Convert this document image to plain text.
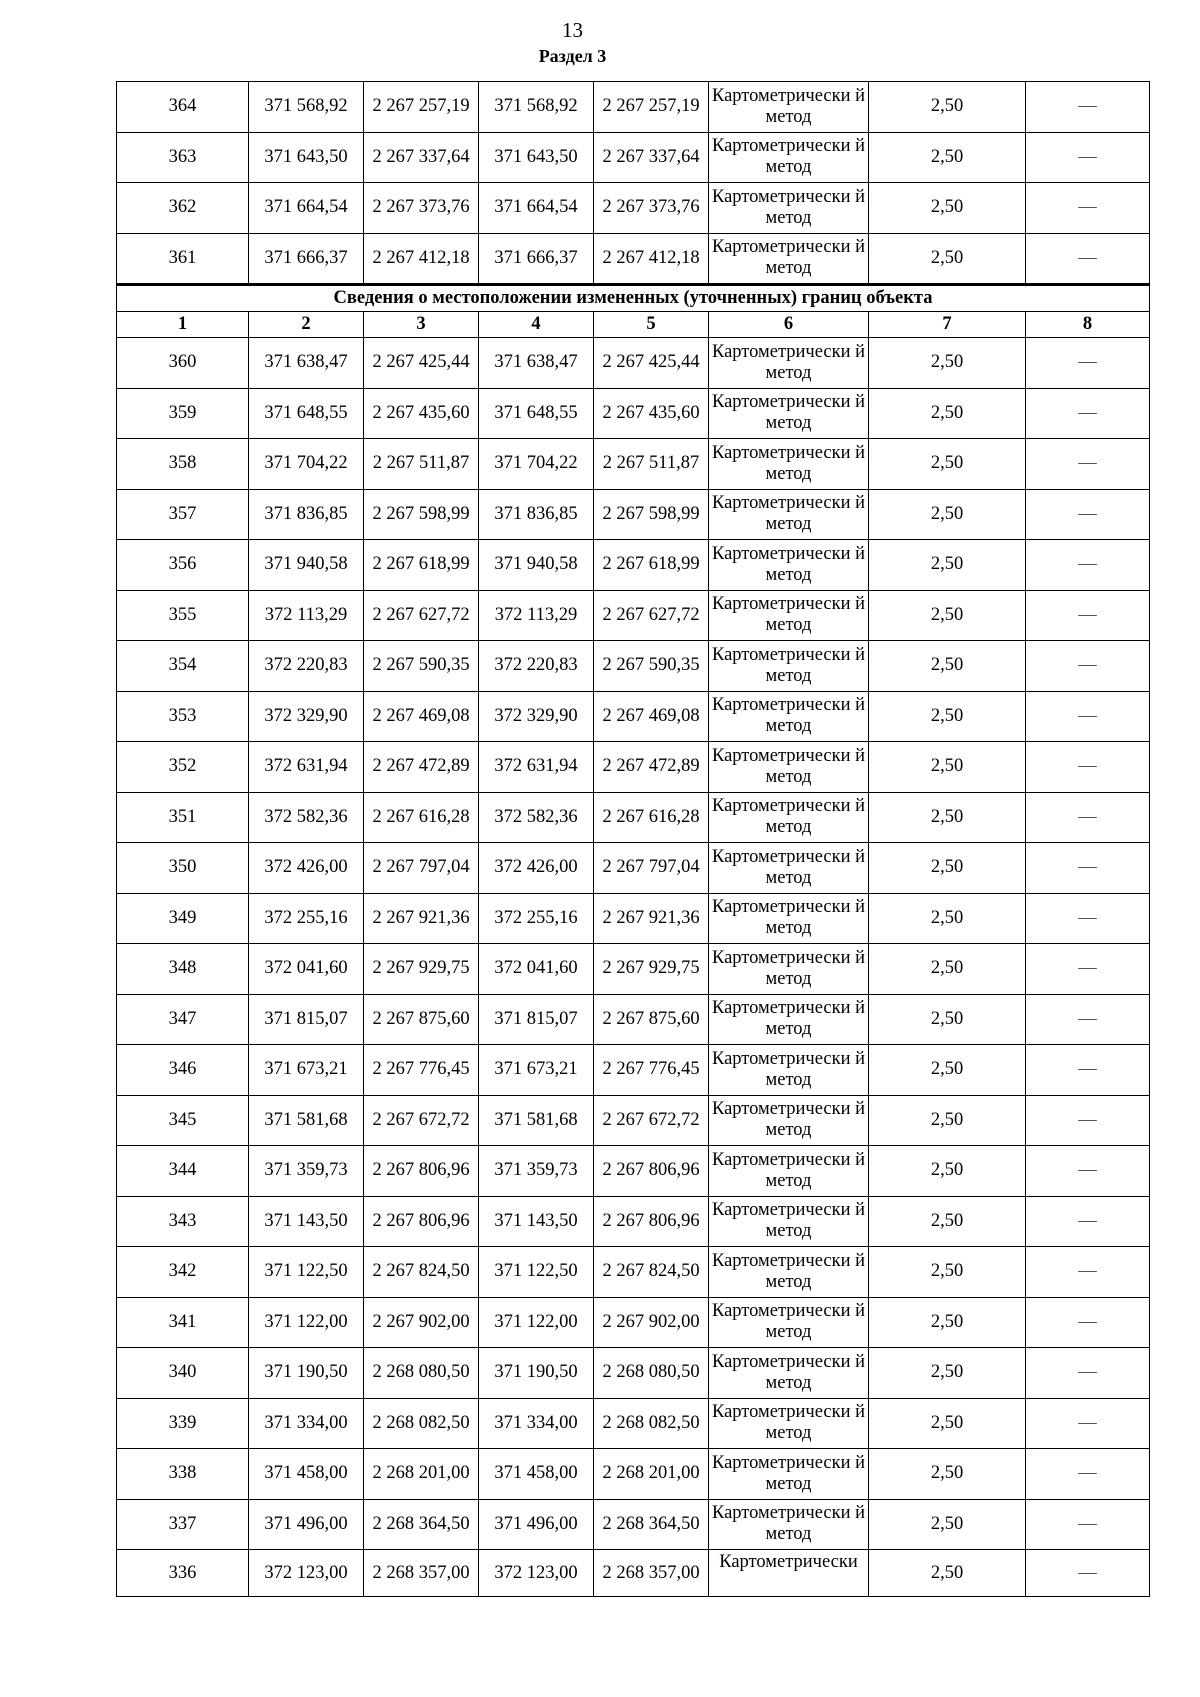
13
Раздел 3
364	371 568,92	2 267 257,19	371 568,92	2 267 257,19	Картометрически й метод	2,50	—
363	371 643,50	2 267 337,64	371 643,50	2 267 337,64	Картометрически й метод	2,50	—
362	371 664,54	2 267 373,76	371 664,54	2 267 373,76	Картометрически й метод	2,50	—
361	371 666,37	2 267 412,18	371 666,37	2 267 412,18	Картометрически й метод	2,50	—
Сведения о местоположении измененных (уточненных) границ объекта							
1	2	3	4	5	6	7	8
360	371 638,47	2 267 425,44	371 638,47	2 267 425,44	Картометрически й метод	2,50	—
359	371 648,55	2 267 435,60	371 648,55	2 267 435,60	Картометрически й метод	2,50	—
358	371 704,22	2 267 511,87	371 704,22	2 267 511,87	Картометрически й метод	2,50	—
357	371 836,85	2 267 598,99	371 836,85	2 267 598,99	Картометрически й метод	2,50	—
356	371 940,58	2 267 618,99	371 940,58	2 267 618,99	Картометрически й метод	2,50	—
355	372 113,29	2 267 627,72	372 113,29	2 267 627,72	Картометрически й метод	2,50	—
354	372 220,83	2 267 590,35	372 220,83	2 267 590,35	Картометрически й метод	2,50	—
353	372 329,90	2 267 469,08	372 329,90	2 267 469,08	Картометрически й метод	2,50	—
352	372 631,94	2 267 472,89	372 631,94	2 267 472,89	Картометрически й метод	2,50	—
351	372 582,36	2 267 616,28	372 582,36	2 267 616,28	Картометрически й метод	2,50	—
350	372 426,00	2 267 797,04	372 426,00	2 267 797,04	Картометрически й метод	2,50	—
349	372 255,16	2 267 921,36	372 255,16	2 267 921,36	Картометрически й метод	2,50	—
348	372 041,60	2 267 929,75	372 041,60	2 267 929,75	Картометрически й метод	2,50	—
347	371 815,07	2 267 875,60	371 815,07	2 267 875,60	Картометрически й метод	2,50	—
346	371 673,21	2 267 776,45	371 673,21	2 267 776,45	Картометрически й метод	2,50	—
345	371 581,68	2 267 672,72	371 581,68	2 267 672,72	Картометрически й метод	2,50	—
344	371 359,73	2 267 806,96	371 359,73	2 267 806,96	Картометрически й метод	2,50	—
343	371 143,50	2 267 806,96	371 143,50	2 267 806,96	Картометрически й метод	2,50	—
342	371 122,50	2 267 824,50	371 122,50	2 267 824,50	Картометрически й метод	2,50	—
341	371 122,00	2 267 902,00	371 122,00	2 267 902,00	Картометрически й метод	2,50	—
340	371 190,50	2 268 080,50	371 190,50	2 268 080,50	Картометрически й метод	2,50	—
339	371 334,00	2 268 082,50	371 334,00	2 268 082,50	Картометрически й метод	2,50	—
338	371 458,00	2 268 201,00	371 458,00	2 268 201,00	Картометрически й метод	2,50	—
337	371 496,00	2 268 364,50	371 496,00	2 268 364,50	Картометрически й метод	2,50	—
336	372 123,00	2 268 357,00	372 123,00	2 268 357,00	Картометрически	2,50	—
